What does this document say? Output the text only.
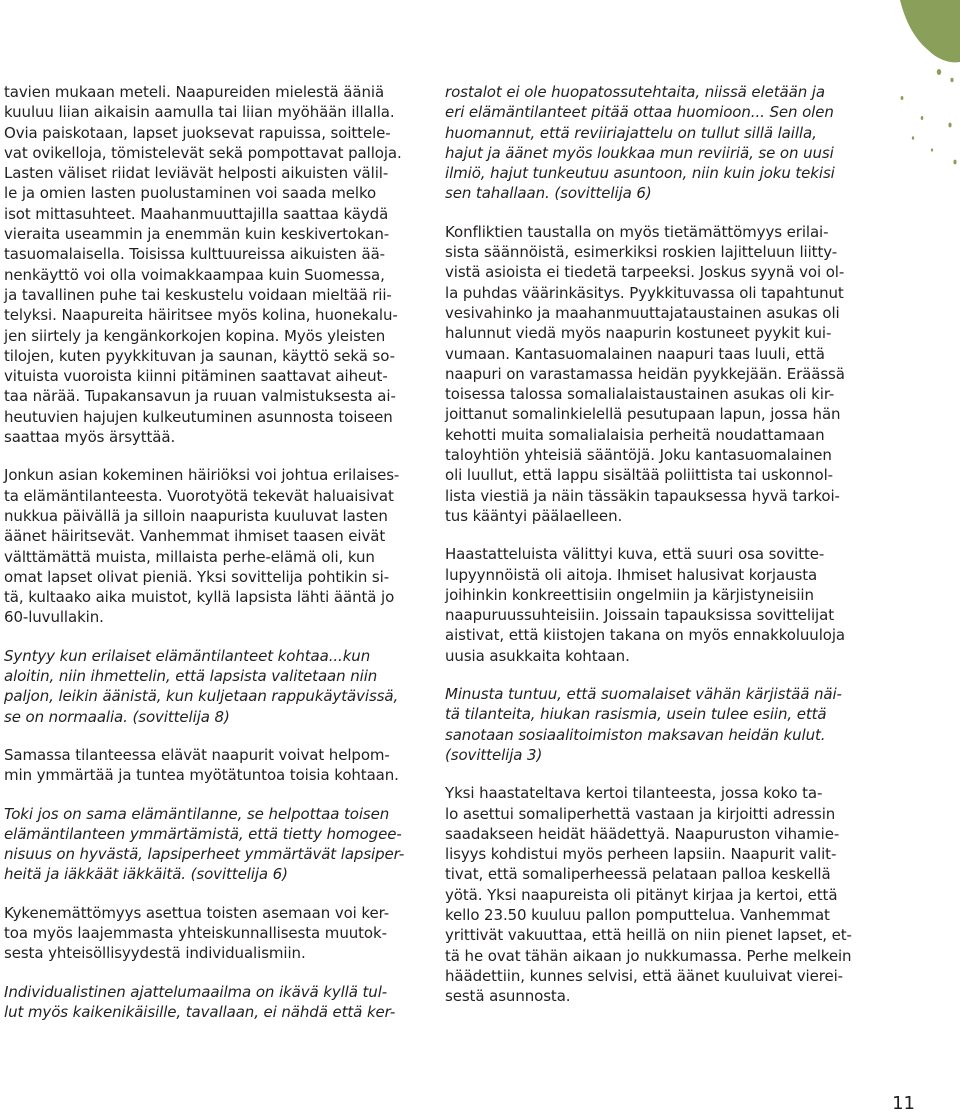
tavien mukaan meteli. Naapureiden mielestä ääniä
kuuluu liian aikaisin aamulla tai liian myöhään illalla.
Ovia paiskotaan, lapset juoksevat rapuissa, soittele-
vat ovikelloja, tömistelevät sekä pompottavat palloja.
Lasten väliset riidat leviävät helposti aikuisten välil-
le ja omien lasten puolustaminen voi saada melko
isot mittasuhteet. Maahanmuuttajilla saattaa käydä
vieraita useammin ja enemmän kuin keskivertokan-
tasuomalaisella. Toisissa kulttuureissa aikuisten ää-
nenkäyttö voi olla voimakkaampaa kuin Suomessa,
ja tavallinen puhe tai keskustelu voidaan mieltää rii-
telyksi. Naapureita häiritsee myös kolina, huonekalu-
jen siirtely ja kengänkorkojen kopina. Myös yleisten
tilojen, kuten pyykkituvan ja saunan, käyttö sekä so-
vituista vuoroista kiinni pitäminen saattavat aiheut-
taa närää. Tupakansavun ja ruuan valmistuksesta ai-
heutuvien hajujen kulkeutuminen asunnosta toiseen
saattaa myös ärsyttää.

Jonkun asian kokeminen häiriöksi voi johtua erilaises-
ta elämäntilanteesta. Vuorotyötä tekevät haluaisivat
nukkua päivällä ja silloin naapurista kuuluvat lasten
äänet häiritsevät. Vanhemmat ihmiset taasen eivät
välttämättä muista, millaista perhe-elämä oli, kun
omat lapset olivat pieniä. Yksi sovittelija pohtikin si-
tä, kultaako aika muistot, kyllä lapsista lähti ääntä jo
60-luvullakin.

Syntyy kun erilaiset elämäntilanteet kohtaa...kun
aloitin, niin ihmettelin, että lapsista valitetaan niin
paljon, leikin äänistä, kun kuljetaan rappukäytävissä,
se on normaalia. (sovittelija 8)

Samassa tilanteessa elävät naapurit voivat helpom-
min ymmärtää ja tuntea myötätuntoa toisia kohtaan.

Toki jos on sama elämäntilanne, se helpottaa toisen
elämäntilanteen ymmärtämistä, että tietty homogee-
nisuus on hyvästä, lapsiperheet ymmärtävät lapsiper-
heitä ja iäkkäät iäkkäitä. (sovittelija 6)

Kykenemättömyys asettua toisten asemaan voi ker-
toa myös laajemmasta yhteiskunnallisesta muutok-
sesta yhteisöllisyydestä individualismiin.

Individualistinen ajattelumaailma on ikävä kyllä tul-
lut myös kaikenikäisille, tavallaan, ei nähdä että ker-

rostalot ei ole huopatossutehtaita, niissä eletään ja
eri elämäntilanteet pitää ottaa huomioon... Sen olen
huomannut, että reviiriajattelu on tullut sillä lailla,
hajut ja äänet myös loukkaa mun reviiriä, se on uusi
ilmiö, hajut tunkeutuu asuntoon, niin kuin joku tekisi
sen tahallaan. (sovittelija 6)

Konfliktien taustalla on myös tietämättömyys erilai-
sista säännöistä, esimerkiksi roskien lajitteluun liitty-
vistä asioista ei tiedetä tarpeeksi. Joskus syynä voi ol-
la puhdas väärinkäsitys. Pyykkituvassa oli tapahtunut
vesivahinko ja maahanmuuttajataustainen asukas oli
halunnut viedä myös naapurin kostuneet pyykit kui-
vumaan. Kantasuomalainen naapuri taas luuli, että
naapuri on varastamassa heidän pyykkejään. Eräässä
toisessa talossa somalialaistaustainen asukas oli kir-
joittanut somalinkielellä pesutupaan lapun, jossa hän
kehotti muita somalialaisia perheitä noudattamaan
taloyhtiön yhteisiä sääntöjä. Joku kantasuomalainen
oli luullut, että lappu sisältää poliittista tai uskonnol-
lista viestiä ja näin tässäkin tapauksessa hyvä tarkoi-
tus kääntyi päälaelleen.

Haastatteluista välittyi kuva, että suuri osa sovitte-
lupyynnöistä oli aitoja. Ihmiset halusivat korjausta
joihinkin konkreettisiin ongelmiin ja kärjistyneisiin
naapuruussuhteisiin. Joissain tapauksissa sovittelijat
aistivat, että kiistojen takana on myös ennakkoluuloja
uusia asukkaita kohtaan.

Minusta tuntuu, että suomalaiset vähän kärjistää näi-
tä tilanteita, hiukan rasismia, usein tulee esiin, että
sanotaan sosiaalitoimiston maksavan heidän kulut.
(sovittelija 3)

Yksi haastateltava kertoi tilanteesta, jossa koko ta-
lo asettui somaliperhettä vastaan ja kirjoitti adressin
saadakseen heidät häädettyä. Naapuruston vihamie-
lisyys kohdistui myös perheen lapsiin. Naapurit valit-
tivat, että somaliperheessä pelataan palloa keskellä
yötä. Yksi naapureista oli pitänyt kirjaa ja kertoi, että
kello 23.50 kuuluu pallon pomputtelua. Vanhemmat
yrittivät vakuuttaa, että heillä on niin pienet lapset, et-
tä he ovat tähän aikaan jo nukkumassa. Perhe melkein
häädettiin, kunnes selvisi, että äänet kuuluivat vierei-
sestä asunnosta.

11
